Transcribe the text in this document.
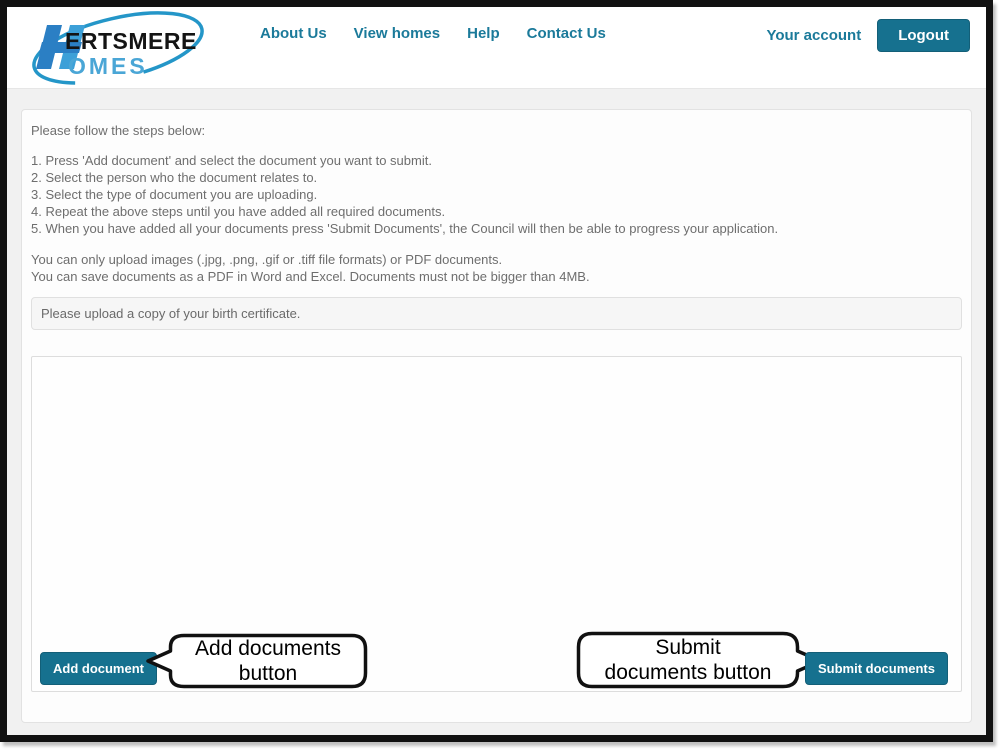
ERTSMERE
OMES
About Us View homes Help Contact Us	Your account	Logout
Please follow the steps below:
1. Press 'Add document' and select the document you want to submit.
2. Select the person who the document relates to.
3. Select the type of document you are uploading.
4. Repeat the above steps until you have added all required documents.
5. When you have added all your documents press 'Submit Documents', the Council will then be able to progress your application.
You can only upload images (.jpg, .png, .gif or .tiff file formats) or PDF documents.
You can save documents as a PDF in Word and Excel. Documents must not be bigger than 4MB.
Please upload a copy of your birth certificate.
Add document
Add documents
button
Submit
documents button	Submit documents
